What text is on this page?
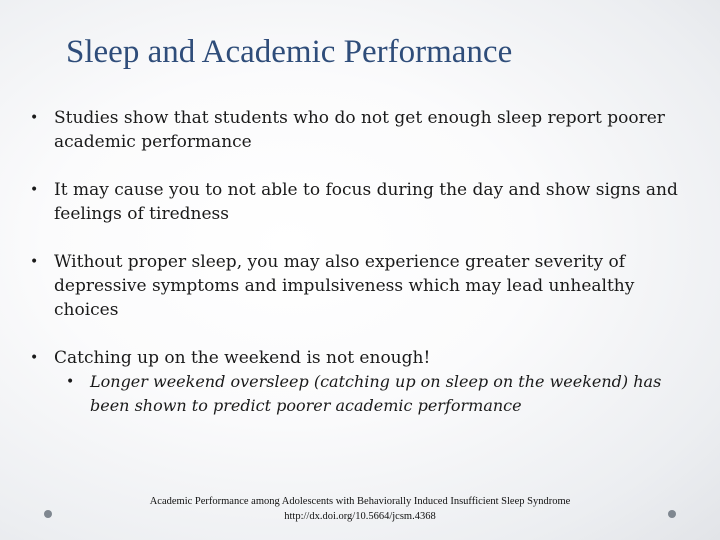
Sleep and Academic Performance
• Studies show that students who do not get enough sleep report poorer academic performance
• It may cause you to not able to focus during the day and show signs and feelings of tiredness
• Without proper sleep, you may also experience greater severity of depressive symptoms and impulsiveness which may lead unhealthy choices
• Catching up on the weekend is not enough!
• Longer weekend oversleep (catching up on sleep on the weekend) has been shown to predict poorer academic performance
Academic Performance among Adolescents with Behaviorally Induced Insufficient Sleep Syndrome
http://dx.doi.org/10.5664/jcsm.4368
